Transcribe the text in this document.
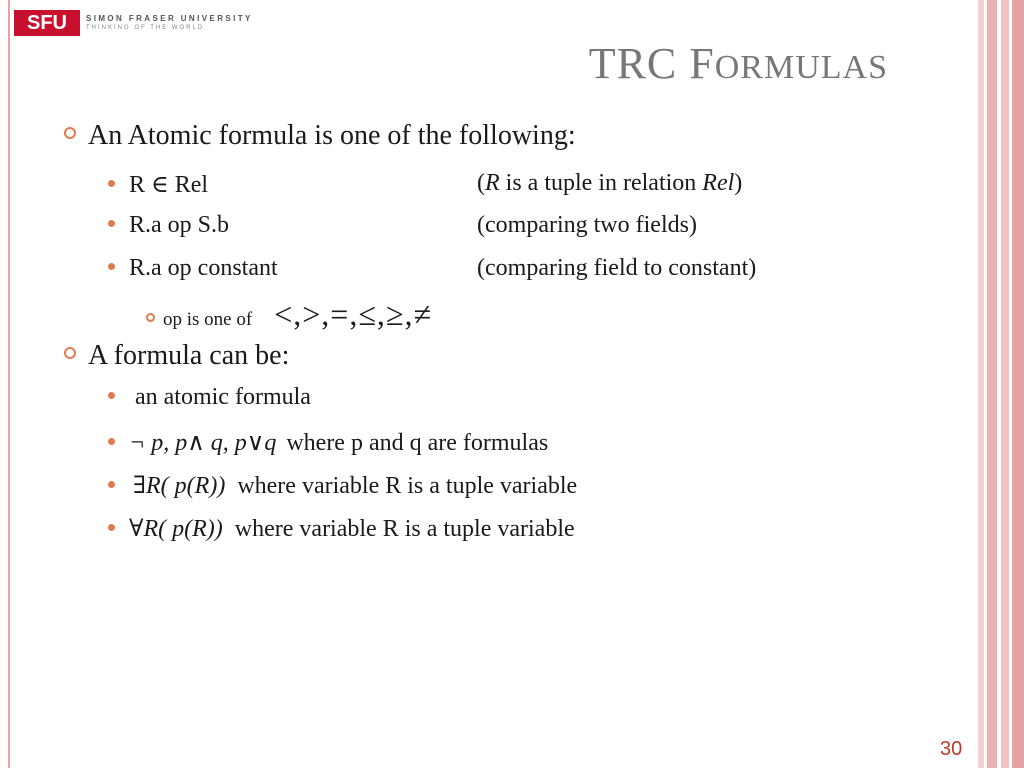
SFU	SIMON FRASER UNIVERSITY
THINKING OF THE WORLD
TRC FORMULAS
An Atomic formula is one of the following:
R ∈ Rel	(R is a tuple in relation Rel)
R.a op S.b	(comparing two fields)
R.a op constant	(comparing field to constant)
op is one of <,>,=,≤,≥,≠
A formula can be:
an atomic formula
¬ p, p∧ q, p∨q where p and q are formulas
∃R( p(R)) where variable R is a tuple variable
∀R( p(R)) where variable R is a tuple variable
30
